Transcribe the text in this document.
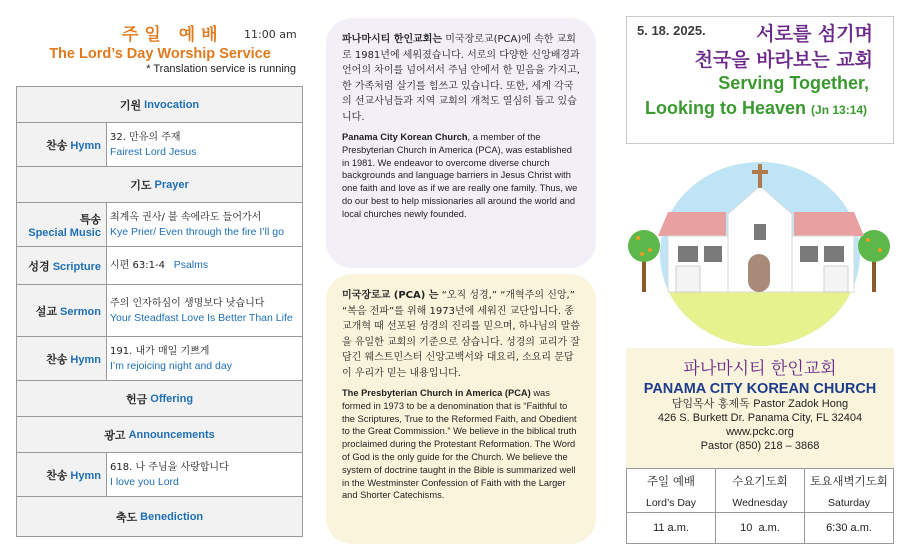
주일 예배 11:00 am
The Lord’s Day Worship Service
* Translation service is running
기원 Invocation
찬송 Hymn
32. 만유의 주재
Fairest Lord Jesus
기도 Prayer
특송
Special Music
최계옥 권사/ 불 속에라도 들어가서
Kye Prier/ Even through the fire I’ll go
성경 Scripture 시편 63:1-4   Psalms
설교 Sermon
주의 인자하심이 생명보다 낫습니다
Your Steadfast Love Is Better Than Life
찬송 Hymn
191. 내가 매일 기쁘게
I’m rejoicing night and day
헌금 Offering
광고 Announcements
찬송 Hymn
618. 나 주님을 사랑합니다
I love you Lord
축도 Benediction

파나마시티 한인교회는 미국장로교(PCA)에 속한 교회로 1981년에 세워졌습니다. 서로의 다양한 신앙배경과 언어의 차이를 넘어서서 주님 안에서 한 믿음을 가지고, 한 가족처럼 살기를 힘쓰고 있습니다. 또한, 세계 각국의 선교사님들과 지역 교회의 개척도 열심히 돕고 있습니다.

Panama City Korean Church, a member of the Presbyterian Church in America (PCA), was established in 1981. We endeavor to overcome diverse church backgrounds and language barriers in Jesus Christ with one faith and love as if we are really one family. Thus, we do our best to help missionaries all around the world and local churches newly founded.

미국장로교 (PCA) 는 “오직 성경,” “개혁주의 신앙,” “복음 전파”를 위해 1973년에 세워진 교단입니다. 종교개혁 때 선포된 성경의 진리를 믿으며, 하나님의 말씀을 유일한 교회의 기준으로 삼습니다. 성경의 교리가 잘 담긴 웨스트민스터 신앙고백서와 대요리, 소요리 문답이 우리가 믿는 내용입니다.

The Presbyterian Church in America (PCA) was formed in 1973 to be a denomination that is “Faithful to the Scriptures, True to the Reformed Faith, and Obedient to the Great Commission.” We believe in the biblical truth proclaimed during the Protestant Reformation. The Word of God is the only guide for the Church. We believe the system of doctrine taught in the Bible is summarized well in the Westminster Confession of Faith with the Larger and Shorter Catechisms.

5. 18. 2025.	서로를 섬기며
천국을 바라보는 교회
Serving Together,
Looking to Heaven (Jn 13:14)
파나마시티 한인교회
PANAMA CITY KOREAN CHURCH
담임목사 홍제독 Pastor Zadok Hong
426 S. Burkett Dr. Panama City, FL 32404
www.pckc.org
Pastor (850) 218 – 3868
주일 예배
Lord’s Day
11 a.m.
수요기도회
Wednesday
10  a.m.
토요새벽기도회
Saturday
6:30 a.m.
